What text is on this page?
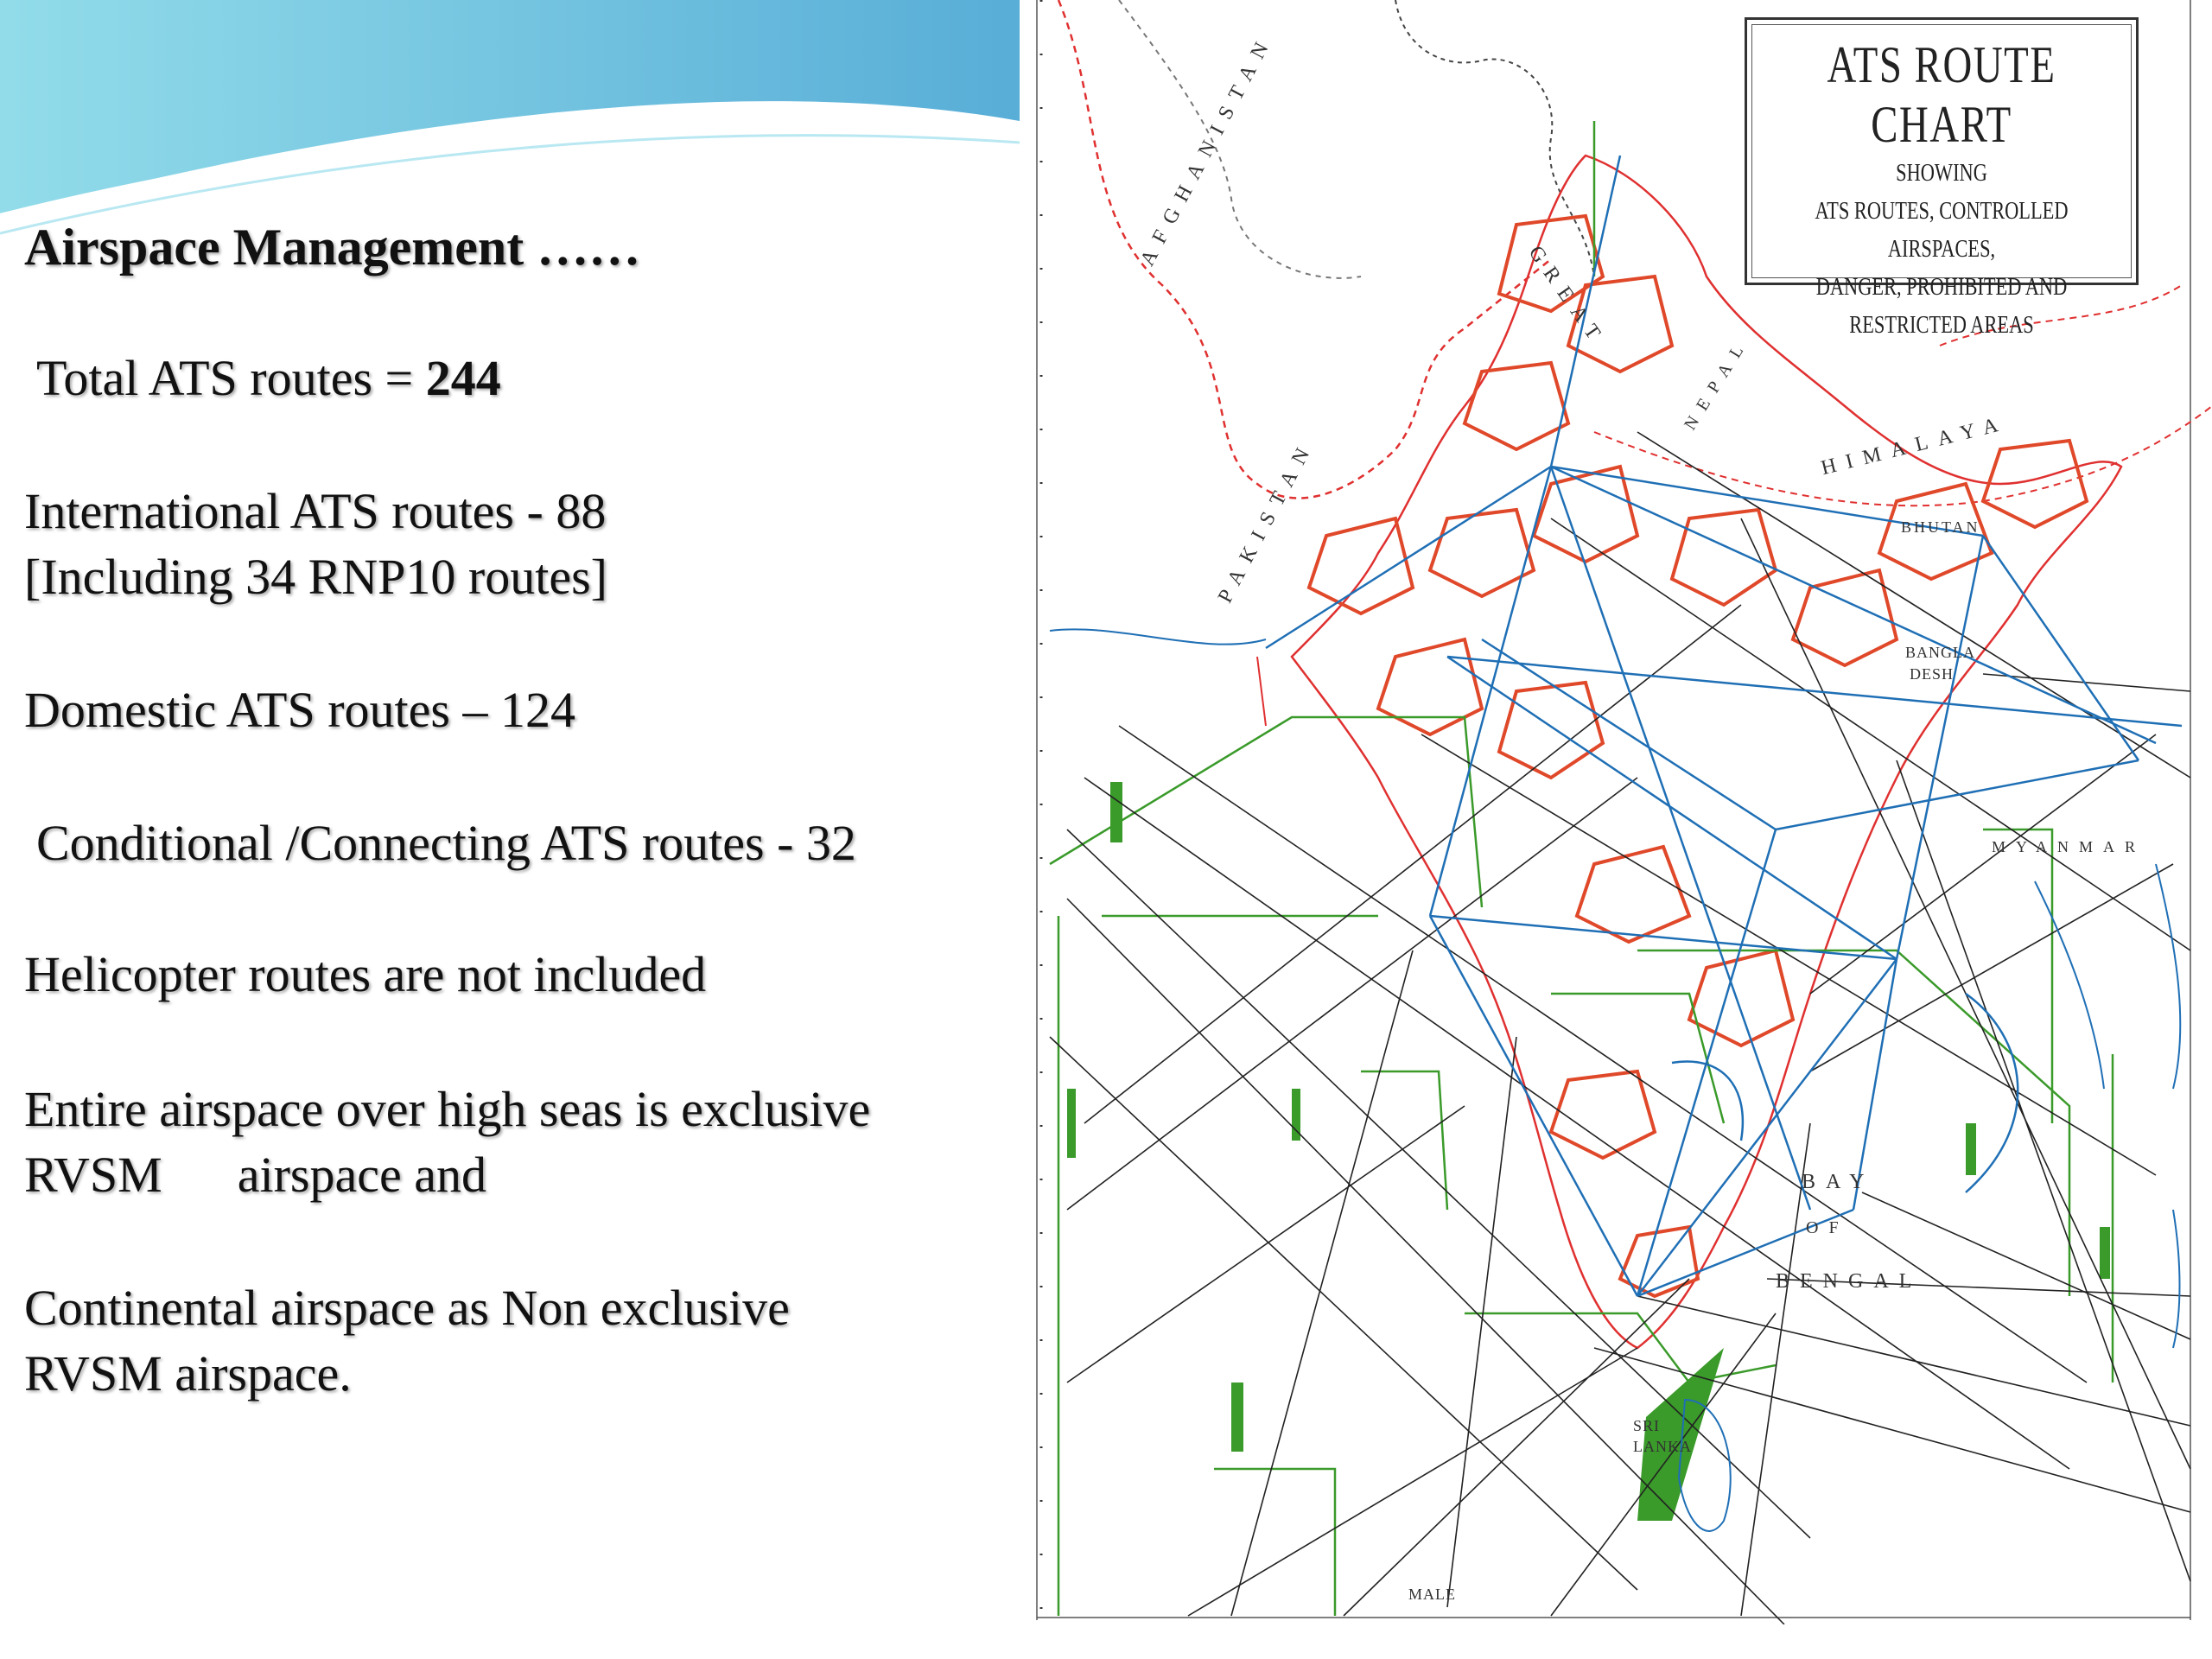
Airspace Management ……
Total ATS routes = 244
International ATS routes - 88
[Including 34 RNP10 routes]
Domestic ATS routes – 124
Conditional /Connecting ATS routes - 32
Helicopter routes are not included
Entire airspace over high seas is exclusive
RVSM      airspace and
Continental airspace as Non exclusive
RVSM airspace.
ATS ROUTE CHART
SHOWING
ATS ROUTES, CONTROLLED AIRSPACES,
DANGER, PROHIBITED AND
RESTRICTED AREAS
AFGHANISTAN
PAKISTAN
GREAT
HIMALAYA
NEPAL
BHUTAN
BANGLA
DESH
MYANMAR
BAY
OF
BENGAL
SRI
LANKA
MALE
